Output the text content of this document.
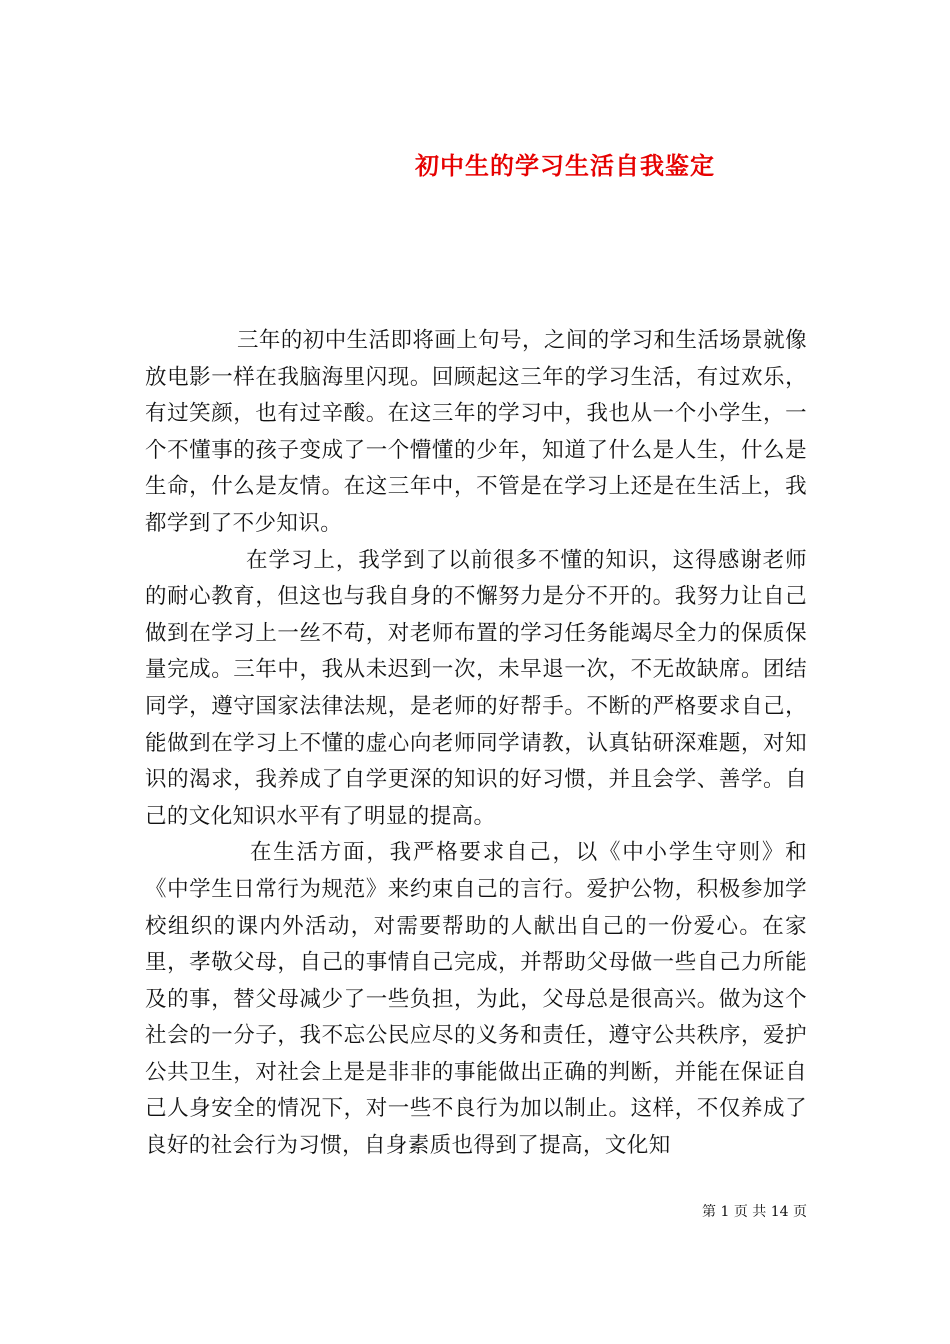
初中生的学习生活自我鉴定

三年的初中生活即将画上句号，之间的学习和生活场景就像放电影一样在我脑海里闪现。回顾起这三年的学习生活，有过欢乐，有过笑颜，也有过辛酸。在这三年的学习中，我也从一个小学生，一个不懂事的孩子变成了一个懵懂的少年，知道了什么是人生，什么是生命，什么是友情。在这三年中，不管是在学习上还是在生活上，我都学到了不少知识。

在学习上，我学到了以前很多不懂的知识，这得感谢老师的耐心教育，但这也与我自身的不懈努力是分不开的。我努力让自己做到在学习上一丝不苟，对老师布置的学习任务能竭尽全力的保质保量完成。三年中，我从未迟到一次，未早退一次，不无故缺席。团结同学，遵守国家法律法规，是老师的好帮手。不断的严格要求自己，能做到在学习上不懂的虚心向老师同学请教，认真钻研深难题，对知识的渴求，我养成了自学更深的知识的好习惯，并且会学、善学。自己的文化知识水平有了明显的提高。

在生活方面，我严格要求自己，以《中小学生守则》和《中学生日常行为规范》来约束自己的言行。爱护公物，积极参加学校组织的课内外活动，对需要帮助的人献出自己的一份爱心。在家里，孝敬父母，自己的事情自己完成，并帮助父母做一些自己力所能及的事，替父母减少了一些负担，为此，父母总是很高兴。做为这个社会的一分子，我不忘公民应尽的义务和责任，遵守公共秩序，爱护公共卫生，对社会上是是非非的事能做出正确的判断，并能在保证自己人身安全的情况下，对一些不良行为加以制止。这样，不仅养成了良好的社会行为习惯，自身素质也得到了提高，文化知

第 1 页 共 14 页
